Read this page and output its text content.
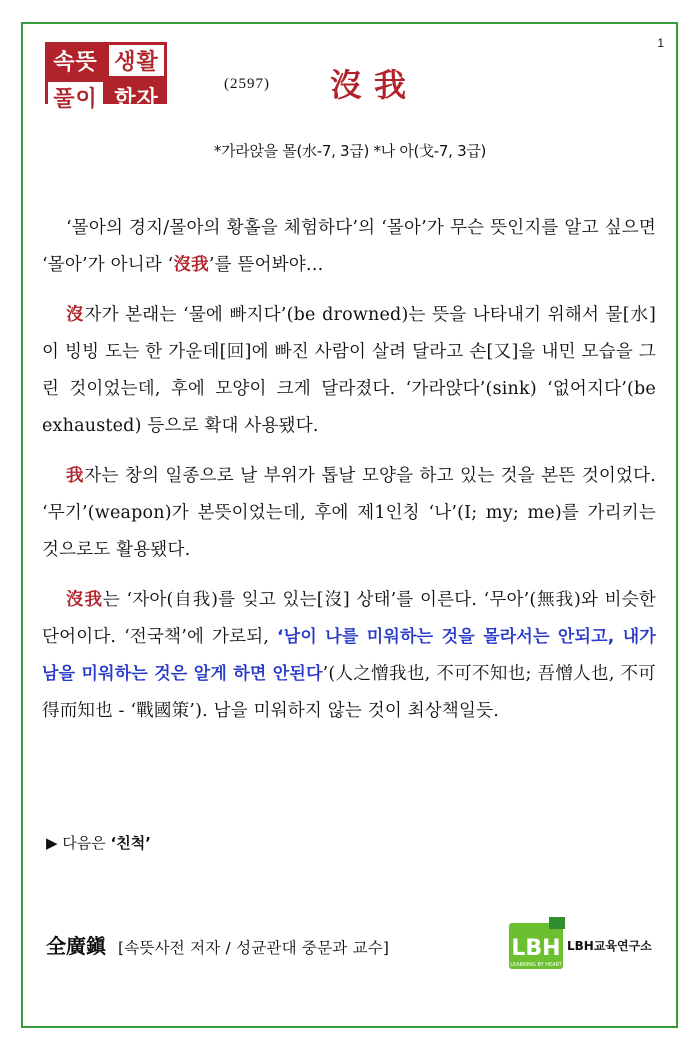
1
속뜻 생활
풀이 한자
(2597) 沒我
*가라앉을 몰(水-7, 3급) *나 아(戈-7, 3급)

‘몰아의 경지/몰아의 황홀을 체험하다’의 ‘몰아’가 무슨 뜻인지를 알고 싶으면 ‘몰아’가 아니라 ‘沒我’를 뜯어봐야…

沒자가 본래는 ‘물에 빠지다’(be drowned)는 뜻을 나타내기 위해서 물[水]이 빙빙 도는 한 가운데[回]에 빠진 사람이 살려 달라고 손[又]을 내민 모습을 그린 것이었는데, 후에 모양이 크게 달라졌다. ‘가라앉다’(sink) ‘없어지다’(be exhausted) 등으로 확대 사용됐다.

我자는 창의 일종으로 날 부위가 톱날 모양을 하고 있는 것을 본뜬 것이었다. ‘무기’(weapon)가 본뜻이었는데, 후에 제1인칭 ‘나’(I; my; me)를 가리키는 것으로도 활용됐다.

沒我는 ‘자아(自我)를 잊고 있는[沒] 상태’를 이른다. ‘무아’(無我)와 비슷한 단어이다. ‘전국책’에 가로되, ‘남이 나를 미워하는 것을 몰라서는 안되고, 내가 남을 미워하는 것은 알게 하면 안된다’(人之憎我也, 不可不知也; 吾憎人也, 不可得而知也 - ‘戰國策’). 남을 미워하지 않는 것이 최상책일듯.

▶ 다음은 ‘친척’
全廣鎭 [속뜻사전 저자 / 성균관대 중문과 교수]	LBH
LEARNING BY HEART
LBH교육연구소
